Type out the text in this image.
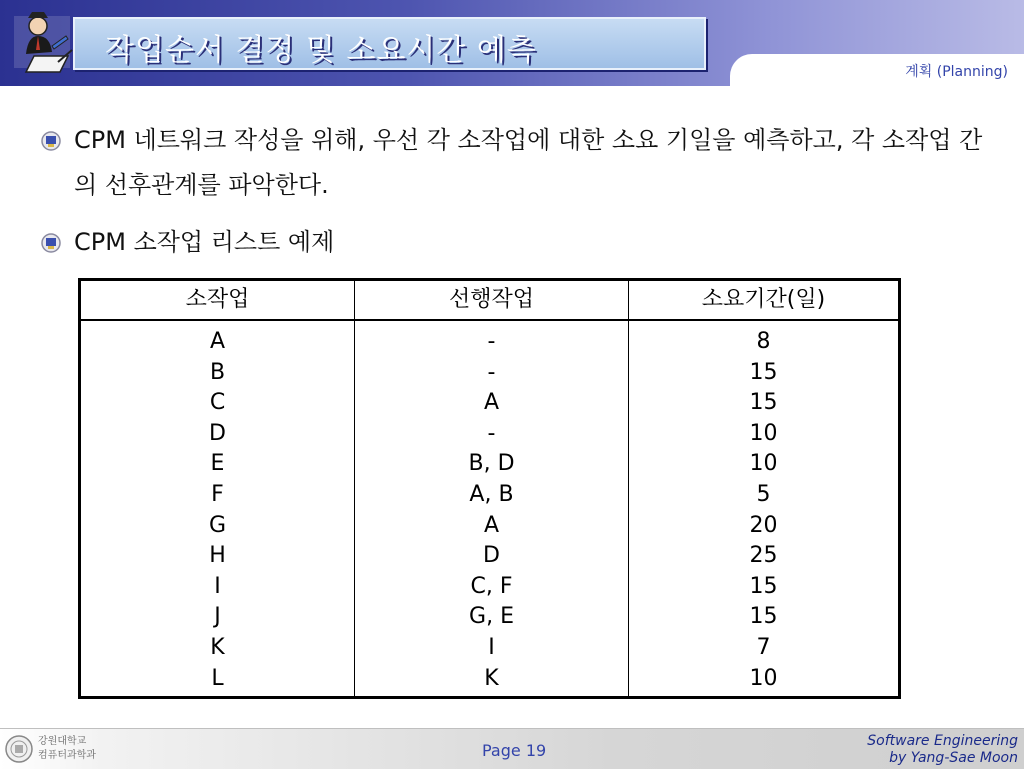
작업순서 결정 및 소요시간 예측
계획 (Planning)
CPM 네트워크 작성을 위해, 우선 각 소작업에 대한 소요 기일을 예측하고, 각 소작업 간의 선후관계를 파악한다.
CPM 소작업 리스트 예제
소작업
A
B
C
D
E
F
G
H
I
J
K
L
선행작업
-
-
A
-
B, D
A, B
A
D
C, F
G, E
I
K
소요기간(일)
8
15
15
10
10
5
20
25
15
15
7
10
강원대학교
컴퓨터과학과	Page 19	Software Engineering
by Yang-Sae Moon
